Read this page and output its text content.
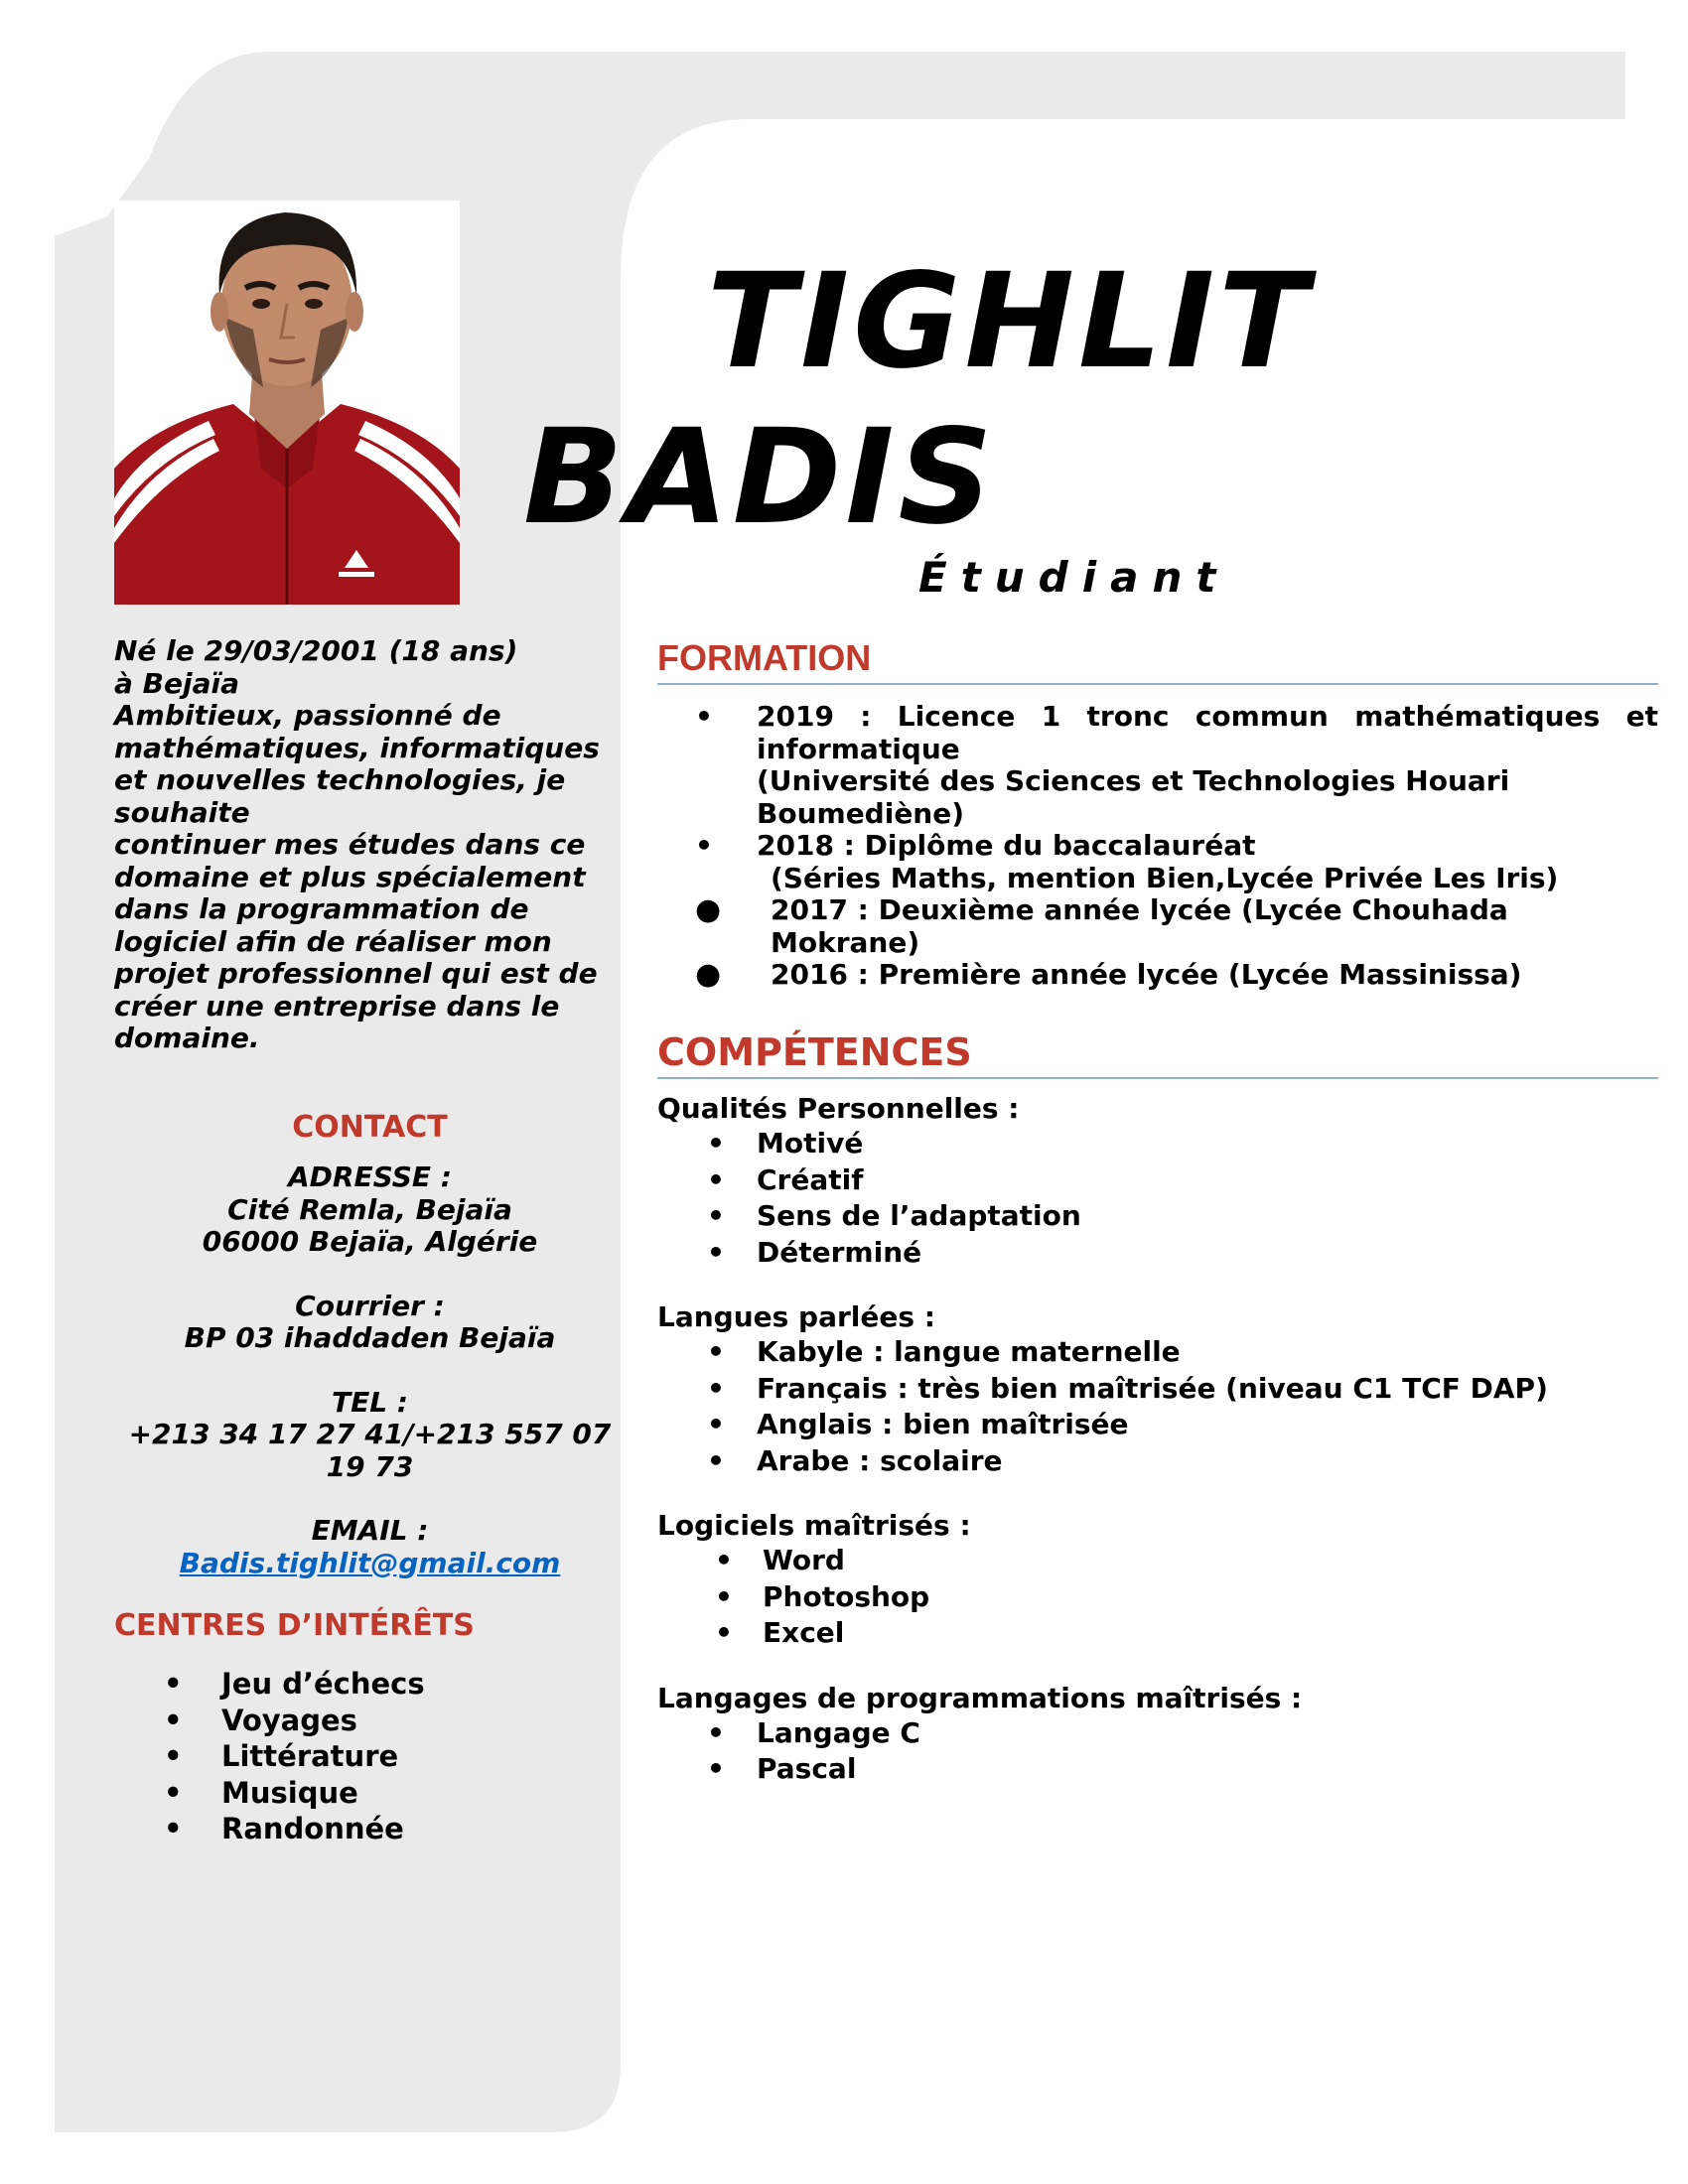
TIGHLIT
BADIS
Étudiant
Né le 29/03/2001 (18 ans)
à Bejaïa
Ambitieux, passionné de
mathématiques, informatiques
et nouvelles technologies, je
souhaite
continuer mes études dans ce
domaine et plus spécialement
dans la programmation de
logiciel afin de réaliser mon
projet professionnel qui est de
créer une entreprise dans le
domaine.
CONTACT
ADRESSE :
Cité Remla, Bejaïa
06000 Bejaïa, Algérie
Courrier :
BP 03 ihaddaden Bejaïa
TEL :
+213 34 17 27 41/+213 557 07
19 73
EMAIL :
Badis.tighlit@gmail.com
CENTRES D’INTÉRÊTS
• Jeu d’échecs
• Voyages
• Littérature
• Musique
• Randonnée
FORMATION
• 2019 : Licence 1 tronc commun mathématiques et
informatique
(Université des Sciences et Technologies Houari
Boumediène)
• 2018 : Diplôme du baccalauréat
(Séries Maths, mention Bien,Lycée Privée Les Iris)
●	2017 : Deuxième année lycée (Lycée Chouhada Mokrane)
●	2016 : Première année lycée (Lycée Massinissa)
COMPÉTENCES
Qualités Personnelles :
• Motivé
• Créatif
• Sens de l’adaptation
• Déterminé
Langues parlées :
• Kabyle : langue maternelle
• Français : très bien maîtrisée (niveau C1 TCF DAP)
• Anglais : bien maîtrisée
• Arabe : scolaire
Logiciels maîtrisés :
• Word
• Photoshop
• Excel
Langages de programmations maîtrisés :
• Langage C
• Pascal
